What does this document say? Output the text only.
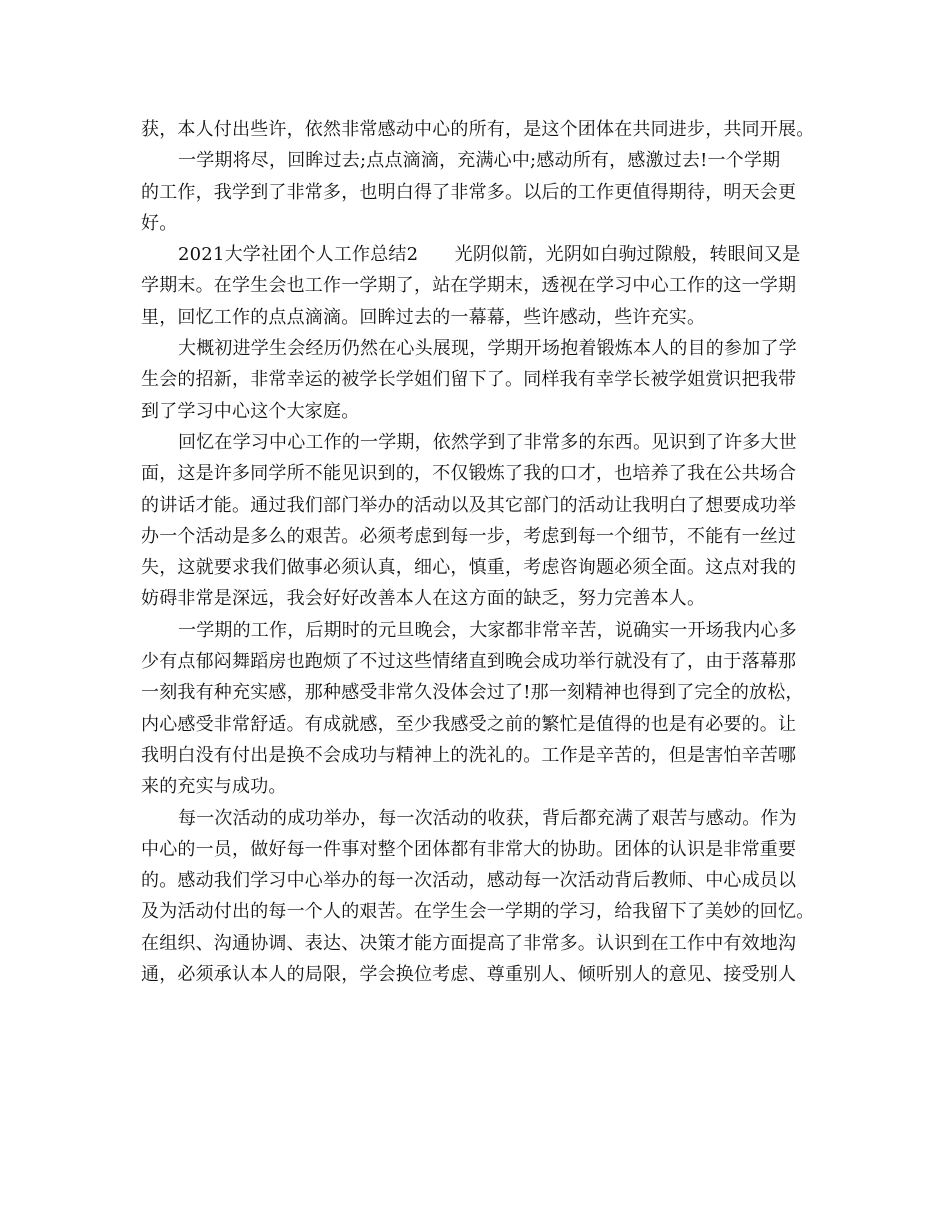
获，本人付出些许，依然非常感动中心的所有，是这个团体在共同进步，共同开展。
一学期将尽，回眸过去;点点滴滴，充满心中;感动所有，感激过去!一个学期
的工作，我学到了非常多，也明白得了非常多。以后的工作更值得期待，明天会更
好。
2021大学社团个人工作总结2　　光阴似箭，光阴如白驹过隙般，转眼间又是
学期末。在学生会也工作一学期了，站在学期末，透视在学习中心工作的这一学期
里，回忆工作的点点滴滴。回眸过去的一幕幕，些许感动，些许充实。
大概初进学生会经历仍然在心头展现，学期开场抱着锻炼本人的目的参加了学
生会的招新，非常幸运的被学长学姐们留下了。同样我有幸学长被学姐赏识把我带
到了学习中心这个大家庭。
回忆在学习中心工作的一学期，依然学到了非常多的东西。见识到了许多大世
面，这是许多同学所不能见识到的，不仅锻炼了我的口才，也培养了我在公共场合
的讲话才能。通过我们部门举办的活动以及其它部门的活动让我明白了想要成功举
办一个活动是多么的艰苦。必须考虑到每一步，考虑到每一个细节，不能有一丝过
失，这就要求我们做事必须认真，细心，慎重，考虑咨询题必须全面。这点对我的
妨碍非常是深远，我会好好改善本人在这方面的缺乏，努力完善本人。
一学期的工作，后期时的元旦晚会，大家都非常辛苦，说确实一开场我内心多
少有点郁闷舞蹈房也跑烦了不过这些情绪直到晚会成功举行就没有了，由于落幕那
一刻我有种充实感，那种感受非常久没体会过了!那一刻精神也得到了完全的放松，
内心感受非常舒适。有成就感，至少我感受之前的繁忙是值得的也是有必要的。让
我明白没有付出是换不会成功与精神上的洗礼的。工作是辛苦的，但是害怕辛苦哪
来的充实与成功。
每一次活动的成功举办，每一次活动的收获，背后都充满了艰苦与感动。作为
中心的一员，做好每一件事对整个团体都有非常大的协助。团体的认识是非常重要
的。感动我们学习中心举办的每一次活动，感动每一次活动背后教师、中心成员以
及为活动付出的每一个人的艰苦。在学生会一学期的学习，给我留下了美妙的回忆。
在组织、沟通协调、表达、决策才能方面提高了非常多。认识到在工作中有效地沟
通，必须承认本人的局限，学会换位考虑、尊重别人、倾听别人的意见、接受别人
